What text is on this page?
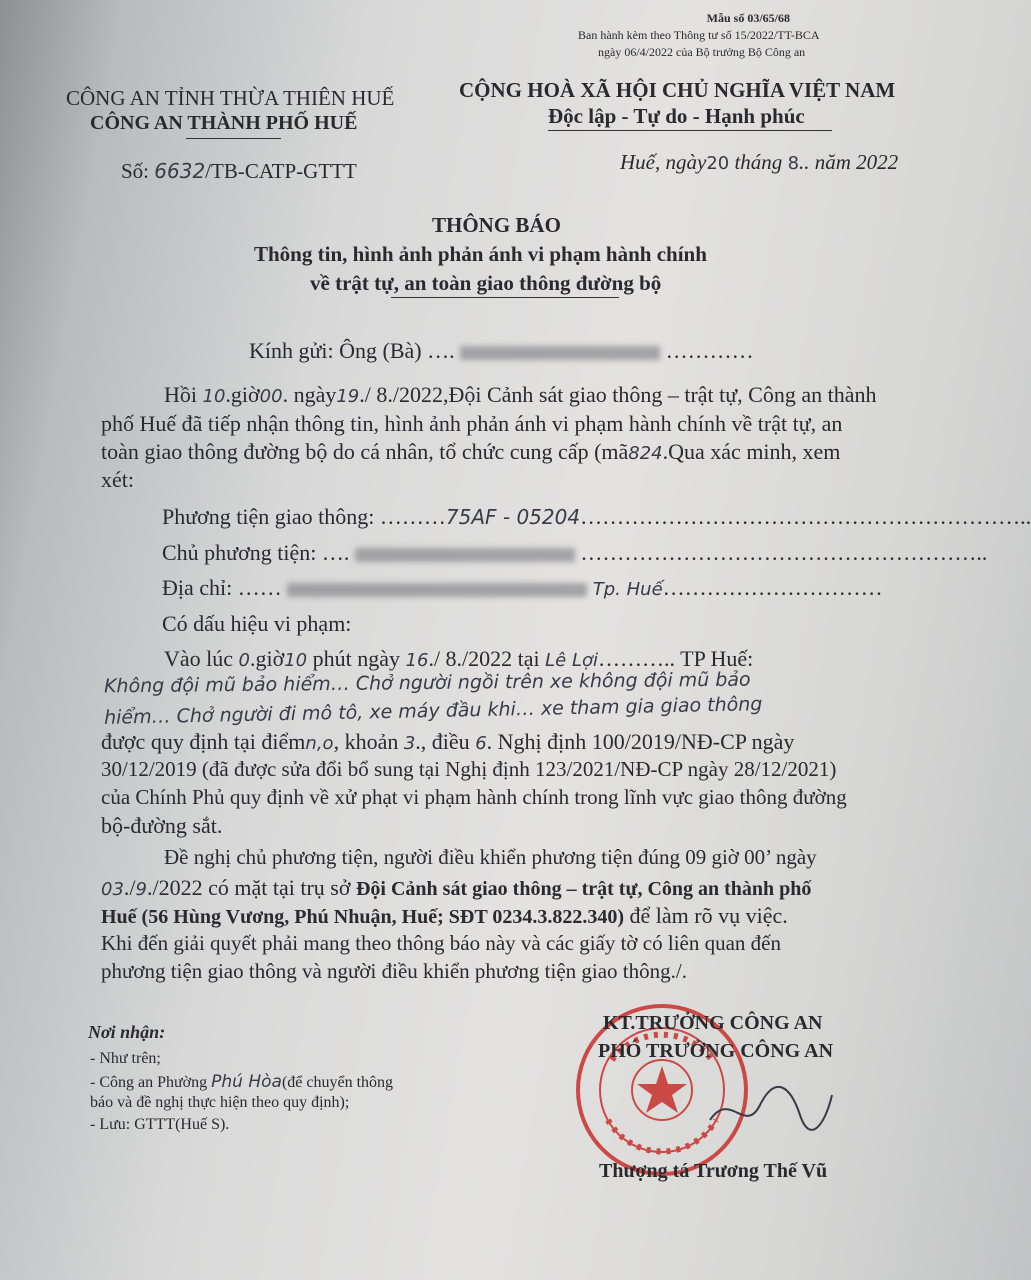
Mẫu số 03/65/68
Ban hành kèm theo Thông tư số 15/2022/TT-BCA
ngày 06/4/2022 của Bộ trưởng Bộ Công an
CÔNG AN TỈNH THỪA THIÊN HUẾ
CÔNG AN THÀNH PHỐ HUẾ
CỘNG HOÀ XÃ HỘI CHỦ NGHĨA VIỆT NAM
Độc lập - Tự do - Hạnh phúc
Số: 6632/TB-CATP-GTTT	Huế, ngày20 tháng 8.. năm 2022
THÔNG BÁO
Thông tin, hình ảnh phản ánh vi phạm hành chính
về trật tự, an toàn giao thông đường bộ
Kính gửi: Ông (Bà) ….	…………
Hồi 10.giờ00. ngày19./ 8./2022,Đội Cảnh sát giao thông – trật tự, Công an thành
phố Huế đã tiếp nhận thông tin, hình ảnh phản ánh vi phạm hành chính về trật tự, an
toàn giao thông đường bộ do cá nhân, tổ chức cung cấp (mã824.Qua xác minh, xem
xét:
Phương tiện giao thông: ………75AF - 05204……………………………………………………..
Chủ phương tiện: ….	………………………………………………..
Địa chỉ: ……	Tp. Huế…………………………
Có dấu hiệu vi phạm:
Vào lúc 0.giờ10 phút ngày 16./ 8./2022 tại Lê Lợi……….. TP Huế:
Không đội mũ bảo hiểm… Chở người ngồi trên xe không đội mũ bảo
hiểm… Chở người đi mô tô, xe máy đầu khi… xe tham gia giao thông
được quy định tại điểmn,o, khoản 3., điều 6. Nghị định 100/2019/NĐ-CP ngày
30/12/2019 (đã được sửa đổi bổ sung tại Nghị định 123/2021/NĐ-CP ngày 28/12/2021)
của Chính Phủ quy định về xử phạt vi phạm hành chính trong lĩnh vực giao thông đường
bộ-đường sắt.
Đề nghị chủ phương tiện, người điều khiển phương tiện đúng 09 giờ 00’ ngày
03./9./2022 có mặt tại trụ sở Đội Cảnh sát giao thông – trật tự, Công an thành phố
Huế (56 Hùng Vương, Phú Nhuận, Huế; SĐT 0234.3.822.340) để làm rõ vụ việc.
Khi đến giải quyết phải mang theo thông báo này và các giấy tờ có liên quan đến
phương tiện giao thông và người điều khiển phương tiện giao thông./.
Nơi nhận:
- Như trên;
- Công an Phường Phú Hòa(để chuyển thông
báo và đề nghị thực hiện theo quy định);
- Lưu: GTTT(Huế S).
KT.TRƯỞNG CÔNG AN
PHÓ TRƯỞNG CÔNG AN
Thượng tá Trương Thế Vũ
